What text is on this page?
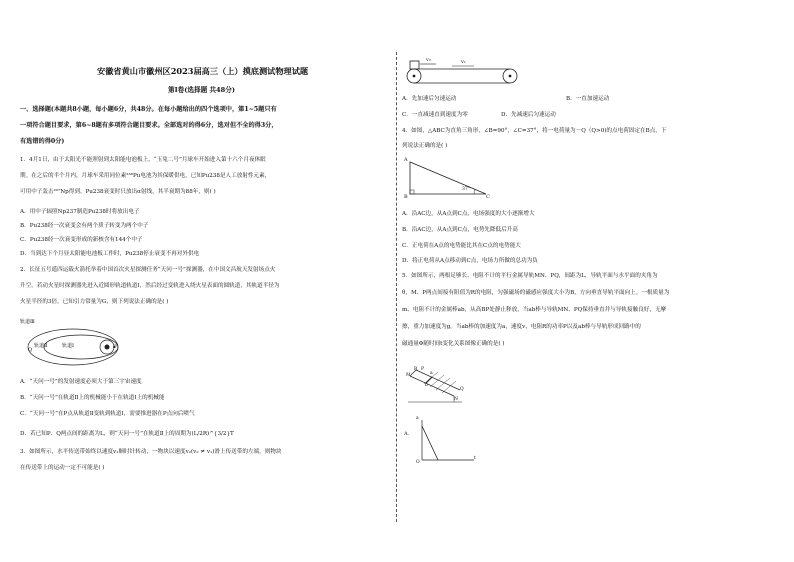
安徽省黄山市徽州区2023届高三（上）摸底测试物理试题
第Ⅰ卷(选择题 共48分)
一、选择题(本题共8小题，每小题6分，共48分。在每小题给出的四个选项中，第1~5题只有
一项符合题目要求，第6~8题有多项符合题目要求。全部选对的得6分，选对但不全的得3分，
有选错的得0分)
1．4月1日，由于太阳光不能照射到太阳能电池板上，“玉兔二号”月球车开始进入第十六个月夜休眠
期。在之后的半个月内，月球车采用同位素²³⁸Pu电池为其保暖供电，已知Pu238是人工放射性元素，
可用中子轰击²³⁷Np得到。Pu238衰变时只放出α射线，其半衰期为88年，则( )
A．用中子辐照Np237制造Pu238时将放出电子
B．Pu238经一次衰变会有两个质子转变为两个中子
C．Pu238经一次衰变形成的新核含有144个中子
D．当到达下个月昼太阳能电池板工作时，Pu238停止衰变不再对外供电
2．长征五号遥四运载火箭托举着中国首次火星探测任务“天问一号”探测器，在中国文昌航天发射场点火
升空。若动火星时探测器先进入近圆形轨道轨道Ⅰ，然后经过变轨进入绕火星表面的圆轨道，其轨道半径为
火星半径的3倍，已知引力常量为G，则下列说法正确的是( )
轨道Ⅲ
轨道Ⅱ	轨道Ⅰ	P
Q
A．“天问一号”的发射速度必须大于第三宇宙速度
B．“天问一号”在轨道Ⅱ上的机械能小于在轨道Ⅰ上的机械能
C．“天问一号”在P点从轨道Ⅱ变轨到轨道Ⅰ，需要推进器在P点向后喷气
D．若已知P、Q两点间的距离为L，则“天问一号”在轨道Ⅱ上的周期为(L/2R)^{3/2}T
3．如图所示，水平传送带始终以速度v₁顺时针转动，一物块以速度v₂(v₂ ≠ v₁)滑上传送带的左端，则物块
在传送带上的运动一定不可能是( )
v₂	v₁
A．先加速后匀速运动	B．一直加速运动
C．一直减速直到速度为零	D．先减速后匀速运动
4．如图，△ABC为直角三角形，∠B=90°，∠C=37°，将一电荷量为－Q（Q>0)的点电荷固定在B点，下
列说法正确的是( )
A
B	C
37°
A．沿AC边，从A点到C点，电场强度的大小逐渐增大
B．沿AC边，从A点到C点，电势先降低后升高
C．正电荷在A点的电势能比其在C点的电势能大
D．将正电荷从A点移动到C点，电场力所做的总功为负
5．如图所示，两根足够长、电阻不计的平行金属导轨MN、PQ，间距为L，导轨平面与水平面的夹角为
θ，M、P两点间接有阻值为R的电阻，匀强磁场的磁感应强度大小为B，方向垂直导轨平面向上。一根质量为
m、电阻不计的金属棒ab，从高BP处静止释放，当ab棒与导轨MN、PQ保持垂直并与导轨接触良好，无摩
擦，重力加速度为g。当ab棒的加速度为a，速度v，电阻R的功率P以及ab棒与导轨形成回路中的
磁通量Φ随时间t变化关系图像正确的是( )
M
R P
a
b
Q
N
A.
a
t
O
